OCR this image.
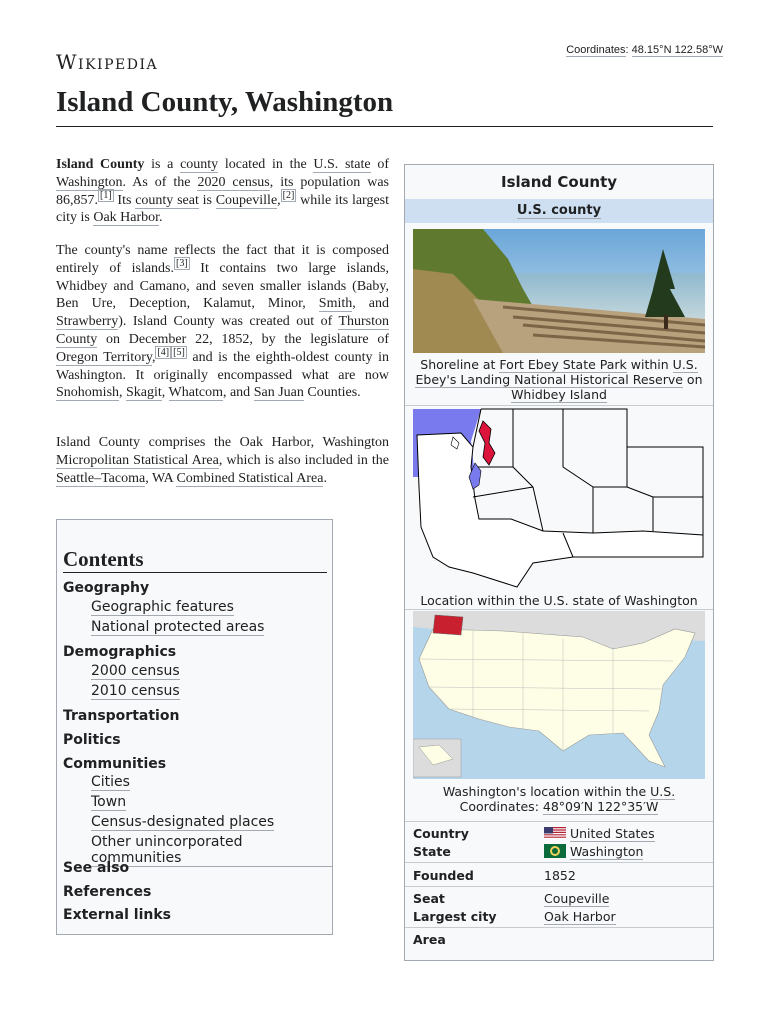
Wikipedia	Coordinates: 48.15°N 122.58°W
Island County, Washington

Island County is a county located in the U.S. state of Washington. As of the 2020 census, its population was 86,857. [1] Its county seat is Coupeville, [2] while its largest city is Oak Harbor.

The county's name reflects the fact that it is composed entirely of islands. [3] It contains two large islands, Whidbey and Camano, and seven smaller islands (Baby, Ben Ure, Deception, Kalamut, Minor, Smith, and Strawberry). Island County was created out of Thurston County on December 22, 1852, by the legislature of Oregon Territory, [4] [5] and is the eighth-oldest county in Washington. It originally encompassed what are now Snohomish, Skagit, Whatcom, and San Juan Counties.

Island County comprises the Oak Harbor, Washington Micropolitan Statistical Area, which is also included in the Seattle–Tacoma, WA Combined Statistical Area.

Contents
Geography
Geographic features
National protected areas
Demographics
2000 census
2010 census
Transportation
Politics
Communities
Cities
Town
Census-designated places
Other unincorporated communities
See also
References
External links
Island County
U.S. county
Shoreline at Fort Ebey State Park within U.S. Ebey's Landing National Historical Reserve on Whidbey Island
Location within the U.S. state of Washington
Washington's location within the U.S.
Coordinates: 48°09′N 122°35′W
Country	United States
State	Washington
Founded	1852
Seat	Coupeville
Largest city	Oak Harbor
Area
